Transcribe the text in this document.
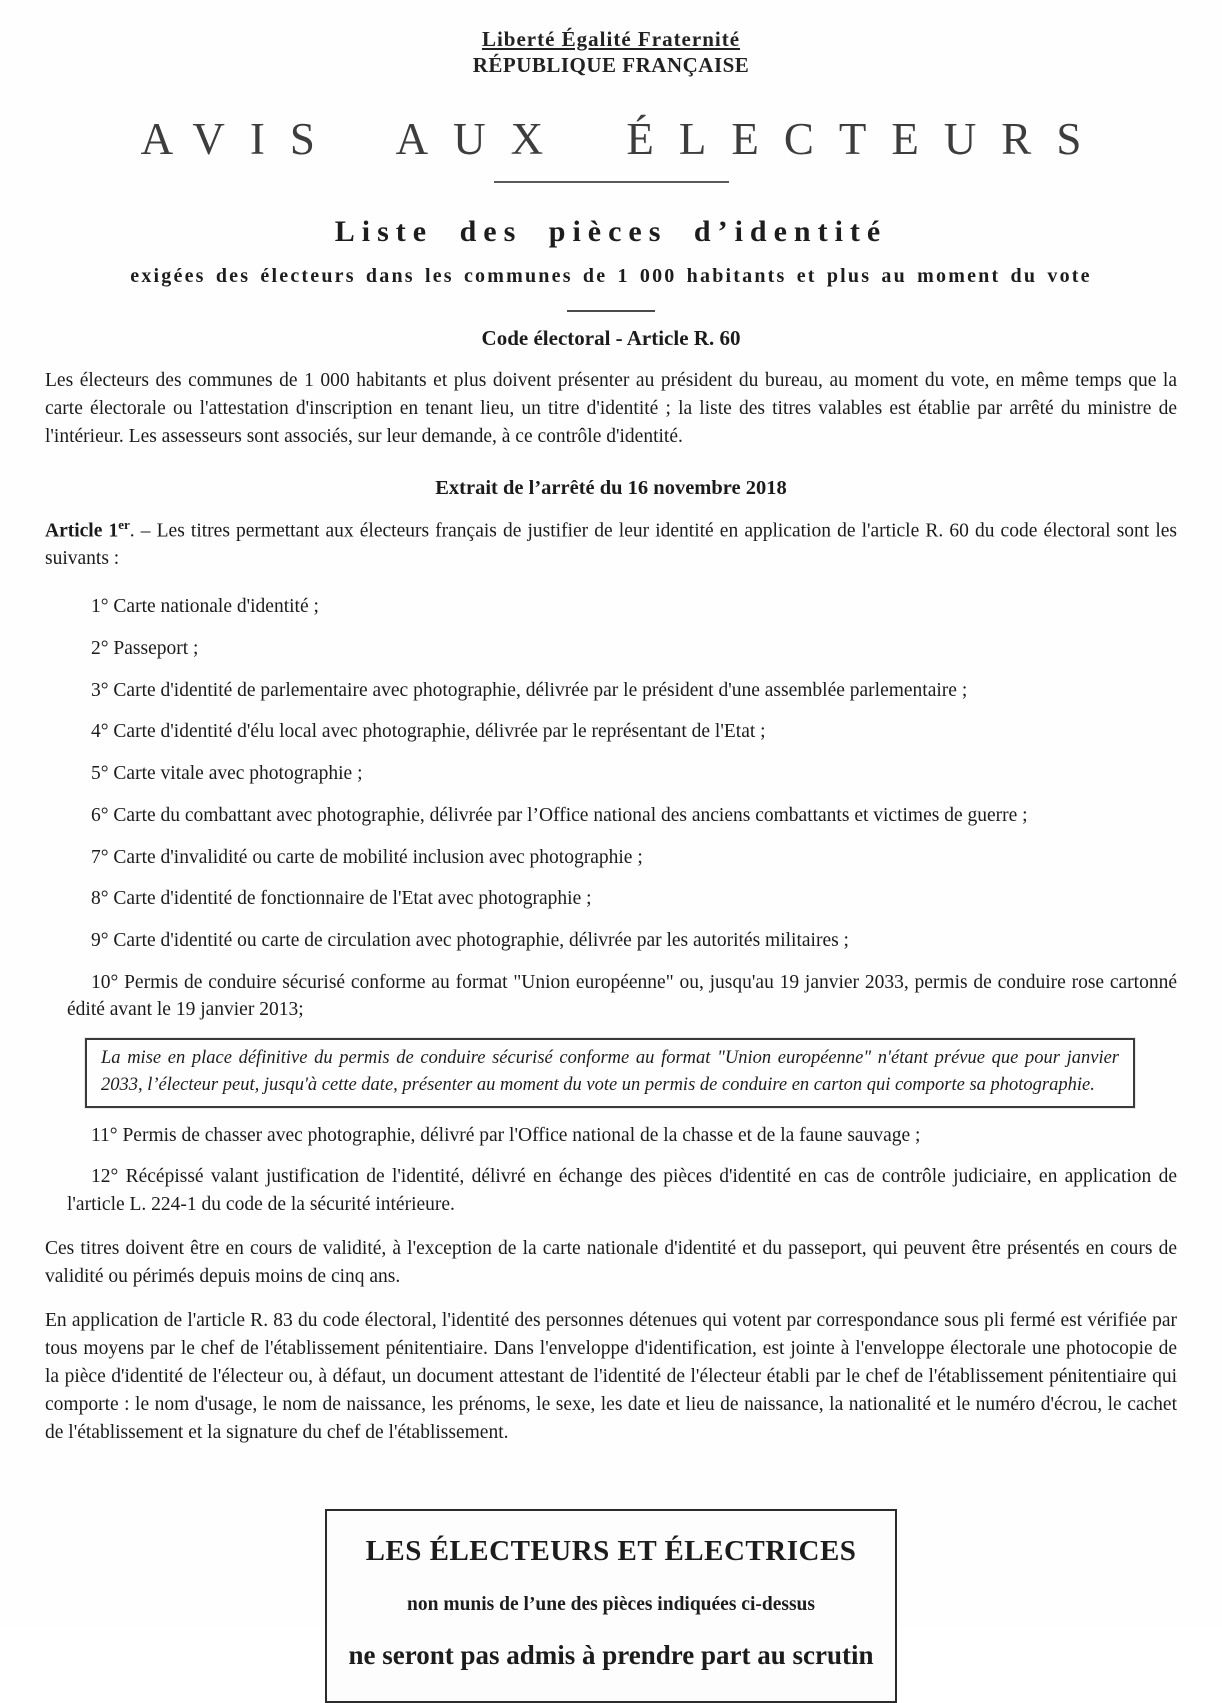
Liberté Égalité Fraternité
RÉPUBLIQUE FRANÇAISE
AVIS AUX ÉLECTEURS
Liste des pièces d’identité
exigées des électeurs dans les communes de 1 000 habitants et plus au moment du vote
Code électoral - Article R. 60

Les électeurs des communes de 1 000 habitants et plus doivent présenter au président du bureau, au moment du vote, en même temps que la carte électorale ou l'attestation d'inscription en tenant lieu, un titre d'identité ; la liste des titres valables est établie par arrêté du ministre de l'intérieur. Les assesseurs sont associés, sur leur demande, à ce contrôle d'identité.

Extrait de l’arrêté du 16 novembre 2018

Article 1er. – Les titres permettant aux électeurs français de justifier de leur identité en application de l'article R. 60 du code électoral sont les suivants :

1° Carte nationale d'identité ;

2° Passeport ;

3° Carte d'identité de parlementaire avec photographie, délivrée par le président d'une assemblée parlementaire ;

4° Carte d'identité d'élu local avec photographie, délivrée par le représentant de l'Etat ;

5° Carte vitale avec photographie ;

6° Carte du combattant avec photographie, délivrée par l’Office national des anciens combattants et victimes de guerre ;

7° Carte d'invalidité ou carte de mobilité inclusion avec photographie ;

8° Carte d'identité de fonctionnaire de l'Etat avec photographie ;

9° Carte d'identité ou carte de circulation avec photographie, délivrée par les autorités militaires ;

10° Permis de conduire sécurisé conforme au format "Union européenne" ou, jusqu'au 19 janvier 2033, permis de conduire rose cartonné édité avant le 19 janvier 2013;

La mise en place définitive du permis de conduire sécurisé conforme au format "Union européenne" n'étant prévue que pour janvier 2033, l’électeur peut, jusqu'à cette date, présenter au moment du vote un permis de conduire en carton qui comporte sa photographie.

11° Permis de chasser avec photographie, délivré par l'Office national de la chasse et de la faune sauvage ;

12° Récépissé valant justification de l'identité, délivré en échange des pièces d'identité en cas de contrôle judiciaire, en application de l'article L. 224-1 du code de la sécurité intérieure.

Ces titres doivent être en cours de validité, à l'exception de la carte nationale d'identité et du passeport, qui peuvent être présentés en cours de validité ou périmés depuis moins de cinq ans.

En application de l'article R. 83 du code électoral, l'identité des personnes détenues qui votent par correspondance sous pli fermé est vérifiée par tous moyens par le chef de l'établissement pénitentiaire. Dans l'enveloppe d'identification, est jointe à l'enveloppe électorale une photocopie de la pièce d'identité de l'électeur ou, à défaut, un document attestant de l'identité de l'électeur établi par le chef de l'établissement pénitentiaire qui comporte : le nom d'usage, le nom de naissance, les prénoms, le sexe, les date et lieu de naissance, la nationalité et le numéro d'écrou, le cachet de l'établissement et la signature du chef de l'établissement.

LES ÉLECTEURS ET ÉLECTRICES
non munis de l’une des pièces indiquées ci-dessus
ne seront pas admis à prendre part au scrutin
